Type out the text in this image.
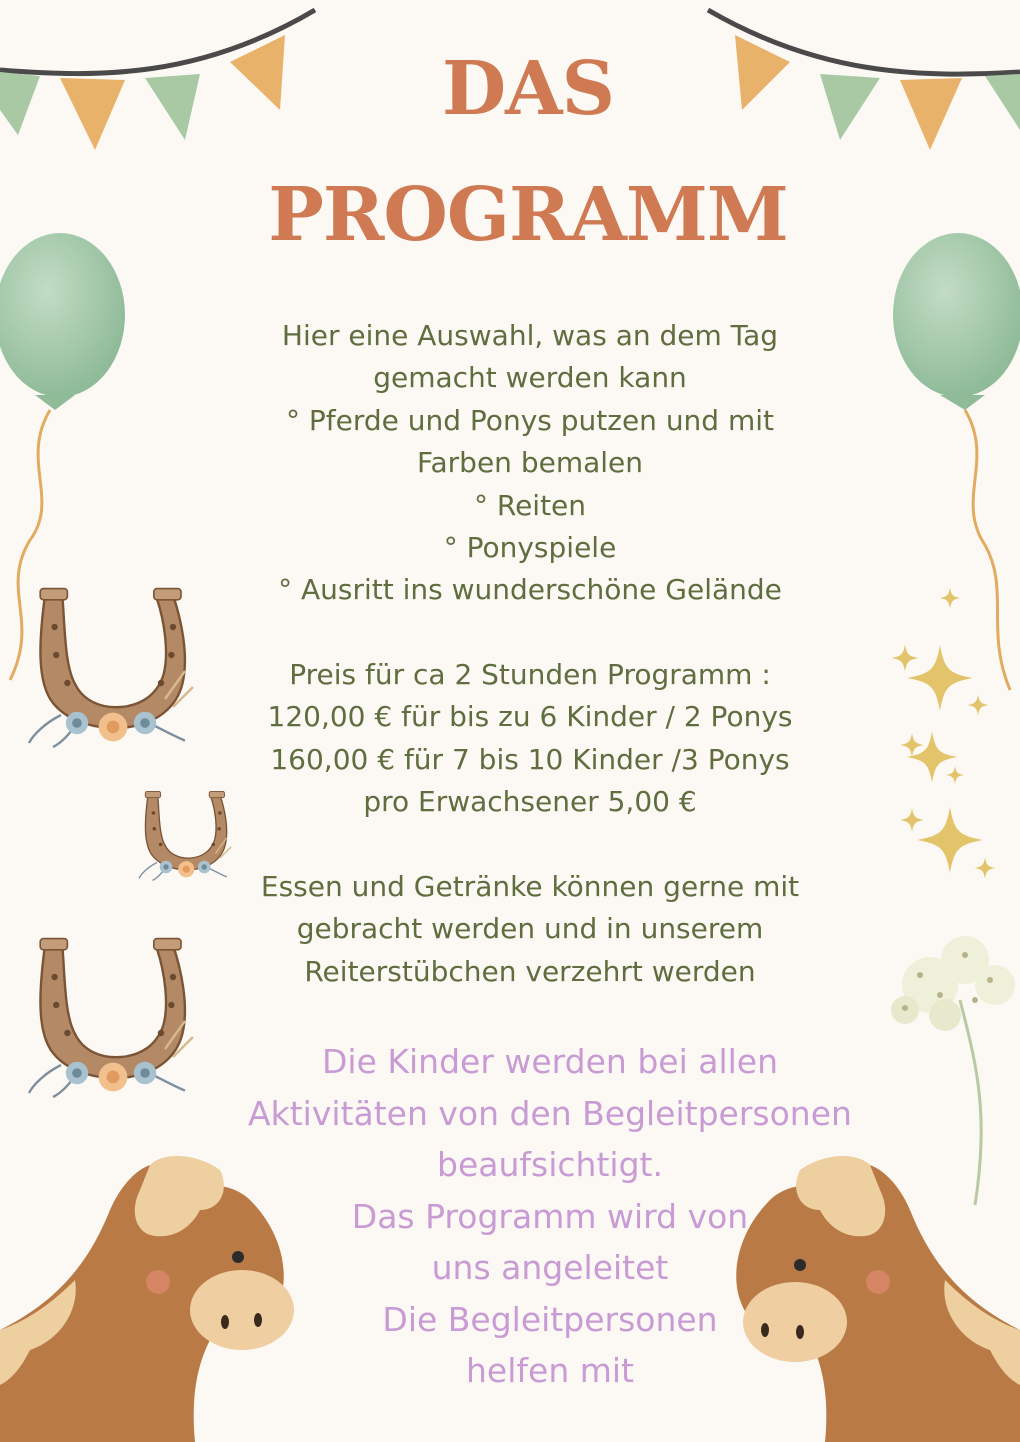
DAS
PROGRAMM
Hier eine Auswahl, was an dem Tag
gemacht werden kann
° Pferde und Ponys putzen und mit
Farben bemalen
° Reiten
° Ponyspiele
° Ausritt ins wunderschöne Gelände
Preis für ca 2 Stunden Programm :
120,00 € für bis zu 6 Kinder / 2 Ponys
160,00 € für 7 bis 10 Kinder /3 Ponys
pro Erwachsener 5,00 €
Essen und Getränke können gerne mit
gebracht werden und in unserem
Reiterstübchen verzehrt werden
Die Kinder werden bei allen
Aktivitäten von den Begleitpersonen
beaufsichtigt.
Das Programm wird von
uns angeleitet
Die Begleitpersonen
helfen mit
